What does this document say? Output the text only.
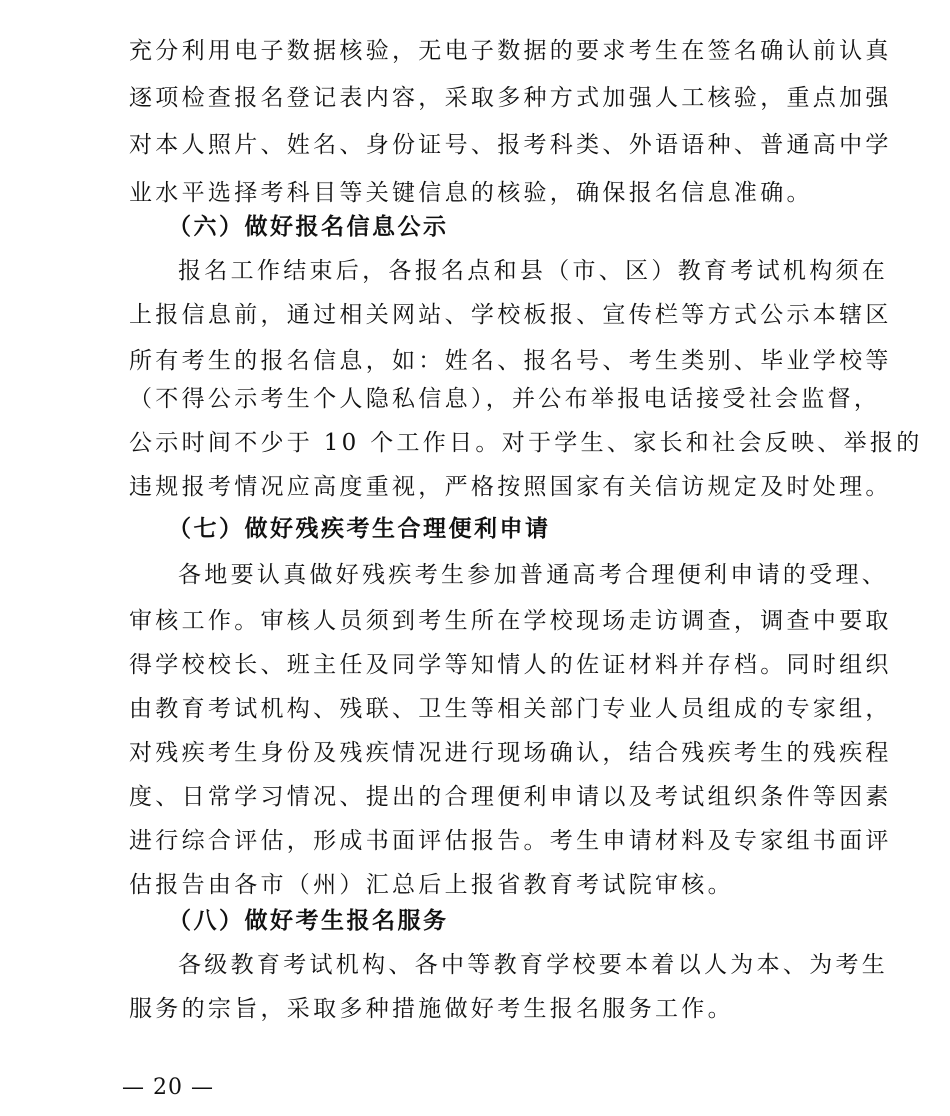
充分利用电子数据核验，无电子数据的要求考生在签名确认前认真
逐项检查报名登记表内容，采取多种方式加强人工核验，重点加强
对本人照片、姓名、身份证号、报考科类、外语语种、普通高中学
业水平选择考科目等关键信息的核验，确保报名信息准确。
（六）做好报名信息公示
报名工作结束后，各报名点和县（市、区）教育考试机构须在
上报信息前，通过相关网站、学校板报、宣传栏等方式公示本辖区
所有考生的报名信息，如：姓名、报名号、考生类别、毕业学校等
（不得公示考生个人隐私信息），并公布举报电话接受社会监督，
公示时间不少于 10 个工作日。对于学生、家长和社会反映、举报的
违规报考情况应高度重视，严格按照国家有关信访规定及时处理。
（七）做好残疾考生合理便利申请
各地要认真做好残疾考生参加普通高考合理便利申请的受理、
审核工作。审核人员须到考生所在学校现场走访调查，调查中要取
得学校校长、班主任及同学等知情人的佐证材料并存档。同时组织
由教育考试机构、残联、卫生等相关部门专业人员组成的专家组，
对残疾考生身份及残疾情况进行现场确认，结合残疾考生的残疾程
度、日常学习情况、提出的合理便利申请以及考试组织条件等因素
进行综合评估，形成书面评估报告。考生申请材料及专家组书面评
估报告由各市（州）汇总后上报省教育考试院审核。
（八）做好考生报名服务
各级教育考试机构、各中等教育学校要本着以人为本、为考生
服务的宗旨，采取多种措施做好考生报名服务工作。
— 20 —
